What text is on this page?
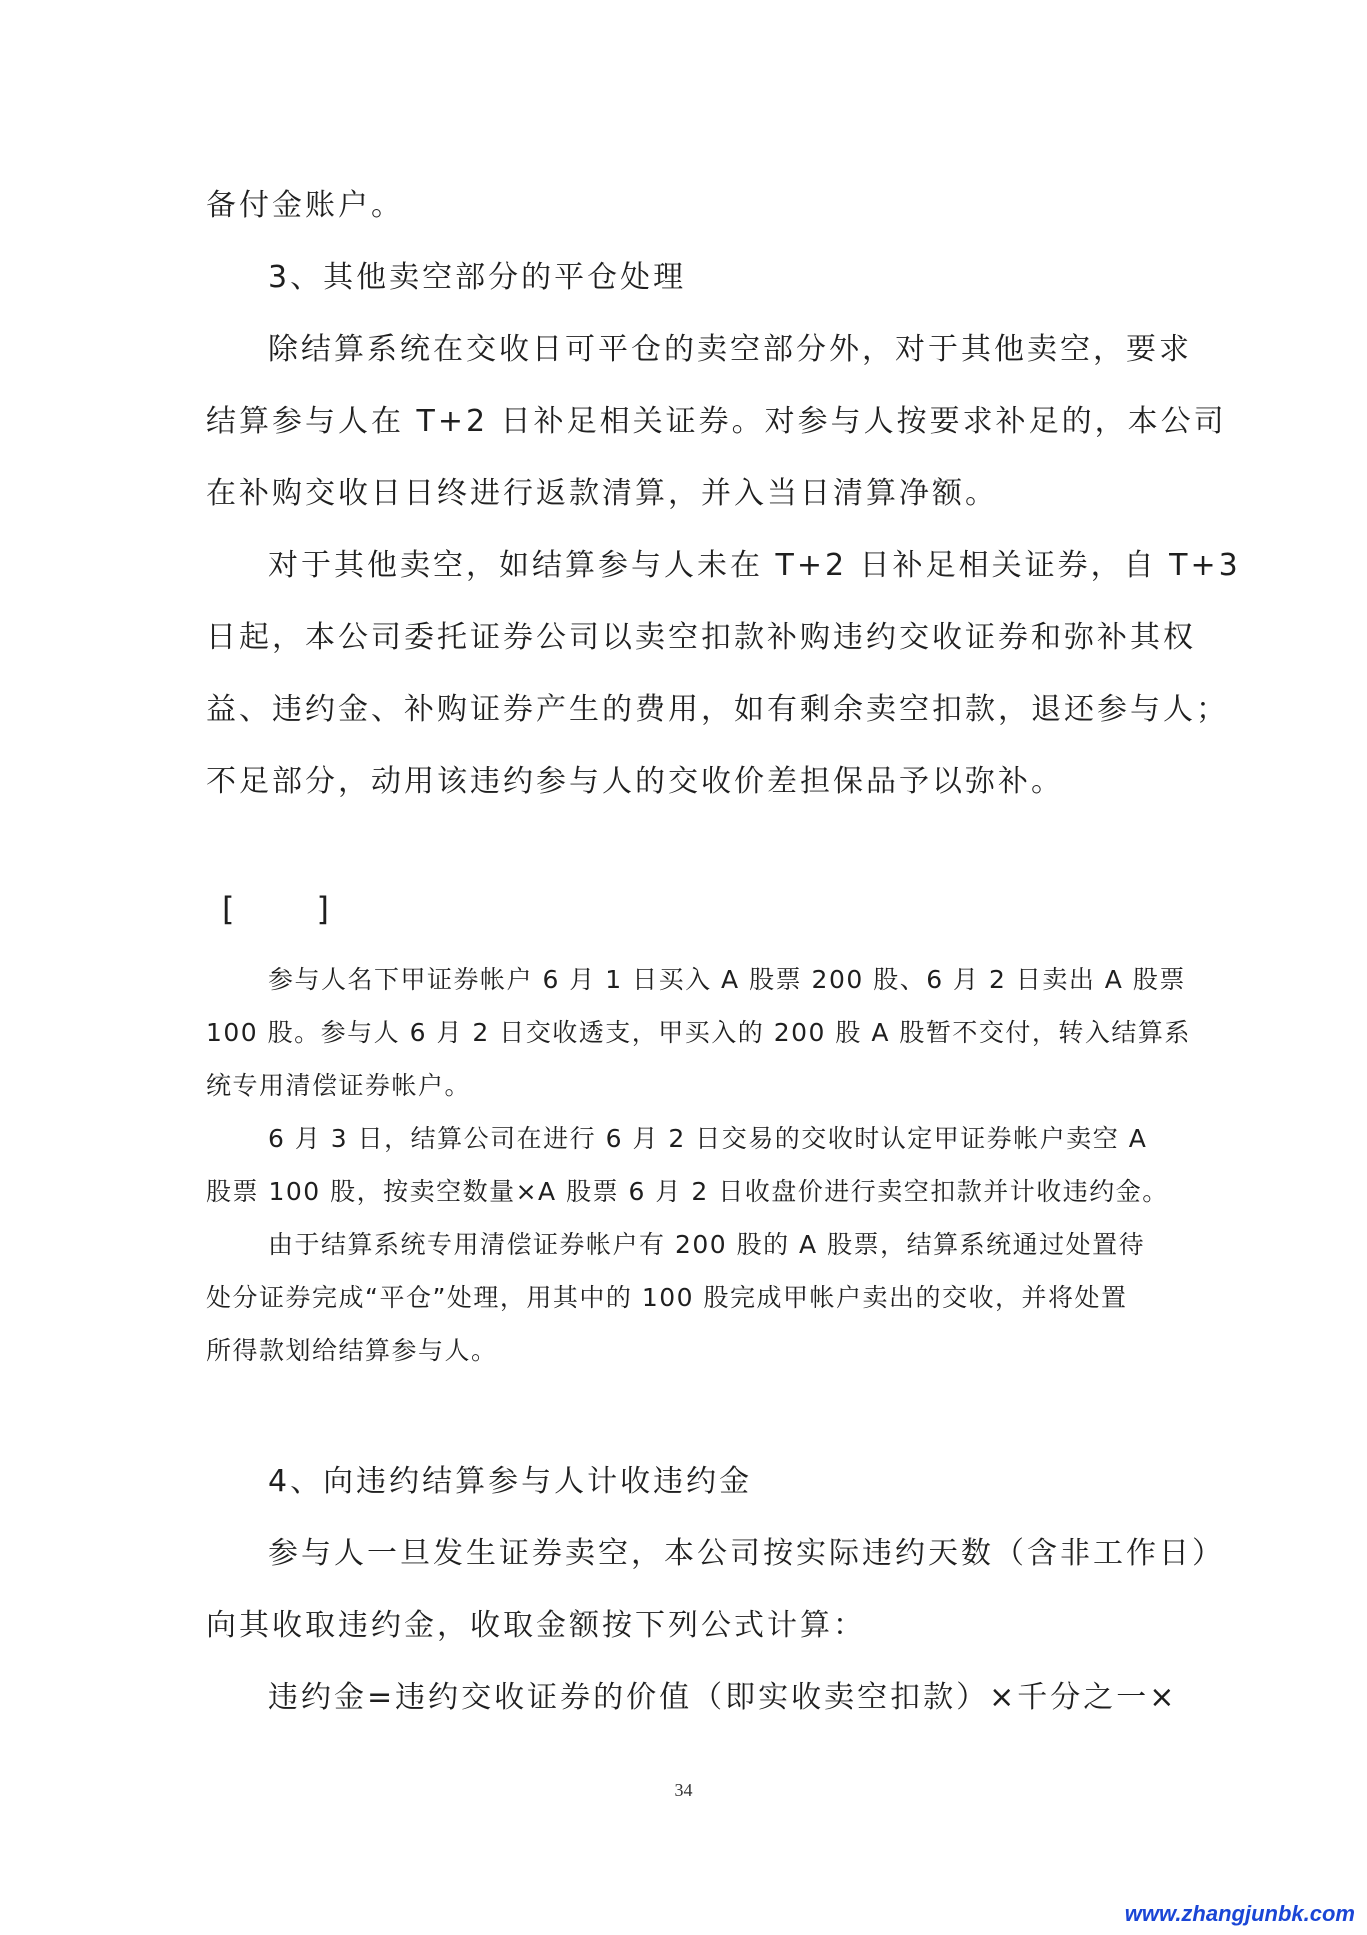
备付金账户。

3、其他卖空部分的平仓处理

除结算系统在交收日可平仓的卖空部分外，对于其他卖空，要求

结算参与人在 T+2 日补足相关证券。对参与人按要求补足的，本公司

在补购交收日日终进行返款清算，并入当日清算净额。

对于其他卖空，如结算参与人未在 T+2 日补足相关证券，自 T+3

日起，本公司委托证券公司以卖空扣款补购违约交收证券和弥补其权

益、违约金、补购证券产生的费用，如有剩余卖空扣款，退还参与人；

不足部分，动用该违约参与人的交收价差担保品予以弥补。

[	]

参与人名下甲证券帐户 6 月 1 日买入 A 股票 200 股、6 月 2 日卖出 A 股票

100 股。参与人 6 月 2 日交收透支，甲买入的 200 股 A 股暂不交付，转入结算系

统专用清偿证券帐户。

6 月 3 日，结算公司在进行 6 月 2 日交易的交收时认定甲证券帐户卖空 A

股票 100 股，按卖空数量×A 股票 6 月 2 日收盘价进行卖空扣款并计收违约金。

由于结算系统专用清偿证券帐户有 200 股的 A 股票，结算系统通过处置待

处分证券完成“平仓”处理，用其中的 100 股完成甲帐户卖出的交收，并将处置

所得款划给结算参与人。

4、向违约结算参与人计收违约金

参与人一旦发生证券卖空，本公司按实际违约天数（含非工作日）

向其收取违约金，收取金额按下列公式计算：

违约金=违约交收证券的价值（即实收卖空扣款）×千分之一×

34
www.zhangjunbk.com
